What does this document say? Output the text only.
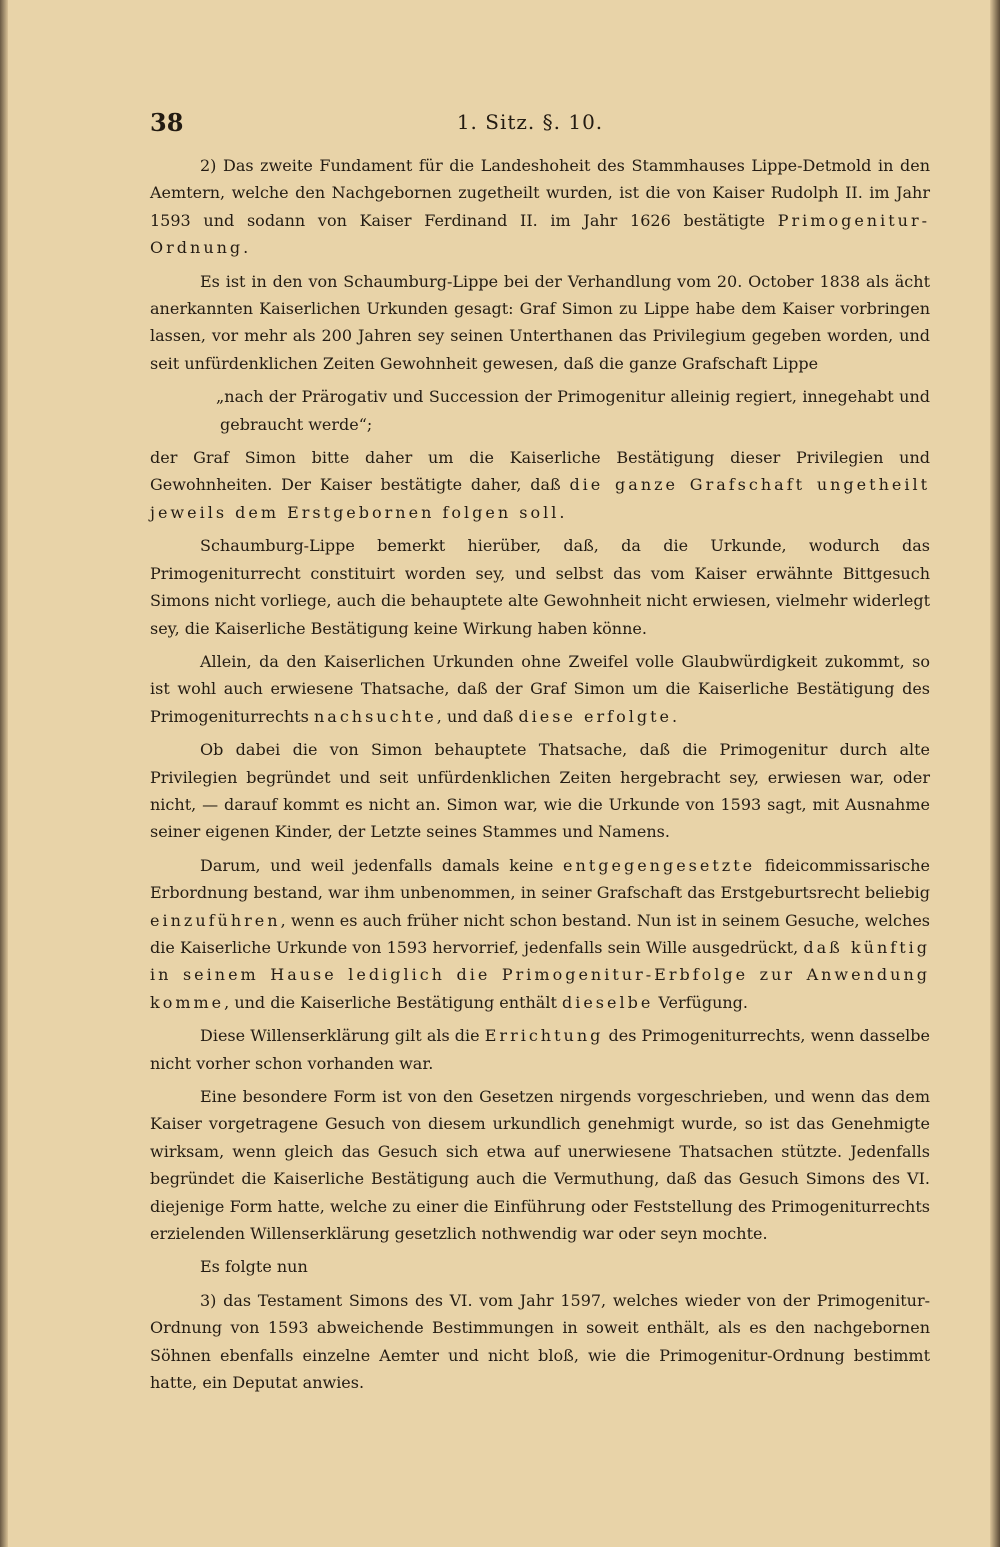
38	1. Sitz. §. 10.

2) Das zweite Fundament für die Landeshoheit des Stammhauses Lippe-Detmold in den Aemtern, welche den Nachgebornen zugetheilt wurden, ist die von Kaiser Rudolph II. im Jahr 1593 und sodann von Kaiser Ferdinand II. im Jahr 1626 bestätigte Primogenitur-Ordnung.

Es ist in den von Schaumburg-Lippe bei der Verhandlung vom 20. October 1838 als ächt anerkannten Kaiserlichen Urkunden gesagt: Graf Simon zu Lippe habe dem Kaiser vorbringen lassen, vor mehr als 200 Jahren sey seinen Unterthanen das Privilegium gegeben worden, und seit unfürdenklichen Zeiten Gewohnheit gewesen, daß die ganze Grafschaft Lippe

„nach der Prärogativ und Succession der Primogenitur alleinig regiert, innegehabt und gebraucht werde“;

der Graf Simon bitte daher um die Kaiserliche Bestätigung dieser Privilegien und Gewohnheiten. Der Kaiser bestätigte daher, daß die ganze Grafschaft ungetheilt jeweils dem Erstgebornen folgen soll.

Schaumburg-Lippe bemerkt hierüber, daß, da die Urkunde, wodurch das Primogeniturrecht constituirt worden sey, und selbst das vom Kaiser erwähnte Bittgesuch Simons nicht vorliege, auch die behauptete alte Gewohnheit nicht erwiesen, vielmehr widerlegt sey, die Kaiserliche Bestätigung keine Wirkung haben könne.

Allein, da den Kaiserlichen Urkunden ohne Zweifel volle Glaubwürdigkeit zukommt, so ist wohl auch erwiesene Thatsache, daß der Graf Simon um die Kaiserliche Bestätigung des Primogeniturrechts nachsuchte, und daß diese erfolgte.

Ob dabei die von Simon behauptete Thatsache, daß die Primogenitur durch alte Privilegien begründet und seit unfürdenklichen Zeiten hergebracht sey, erwiesen war, oder nicht, — darauf kommt es nicht an. Simon war, wie die Urkunde von 1593 sagt, mit Ausnahme seiner eigenen Kinder, der Letzte seines Stammes und Namens.

Darum, und weil jedenfalls damals keine entgegengesetzte fideicommissarische Erbordnung bestand, war ihm unbenommen, in seiner Grafschaft das Erstgeburtsrecht beliebig einzuführen, wenn es auch früher nicht schon bestand. Nun ist in seinem Gesuche, welches die Kaiserliche Urkunde von 1593 hervorrief, jedenfalls sein Wille ausgedrückt, daß künftig in seinem Hause lediglich die Primogenitur-Erbfolge zur Anwendung komme, und die Kaiserliche Bestätigung enthält dieselbe Verfügung.

Diese Willenserklärung gilt als die Errichtung des Primogeniturrechts, wenn dasselbe nicht vorher schon vorhanden war.

Eine besondere Form ist von den Gesetzen nirgends vorgeschrieben, und wenn das dem Kaiser vorgetragene Gesuch von diesem urkundlich genehmigt wurde, so ist das Genehmigte wirksam, wenn gleich das Gesuch sich etwa auf unerwiesene Thatsachen stützte. Jedenfalls begründet die Kaiserliche Bestätigung auch die Vermuthung, daß das Gesuch Simons des VI. diejenige Form hatte, welche zu einer die Einführung oder Feststellung des Primogeniturrechts erzielenden Willenserklärung gesetzlich nothwendig war oder seyn mochte.

Es folgte nun

3) das Testament Simons des VI. vom Jahr 1597, welches wieder von der Primogenitur-Ordnung von 1593 abweichende Bestimmungen in soweit enthält, als es den nachgebornen Söhnen ebenfalls einzelne Aemter und nicht bloß, wie die Primogenitur-Ordnung bestimmt hatte, ein Deputat anwies.
